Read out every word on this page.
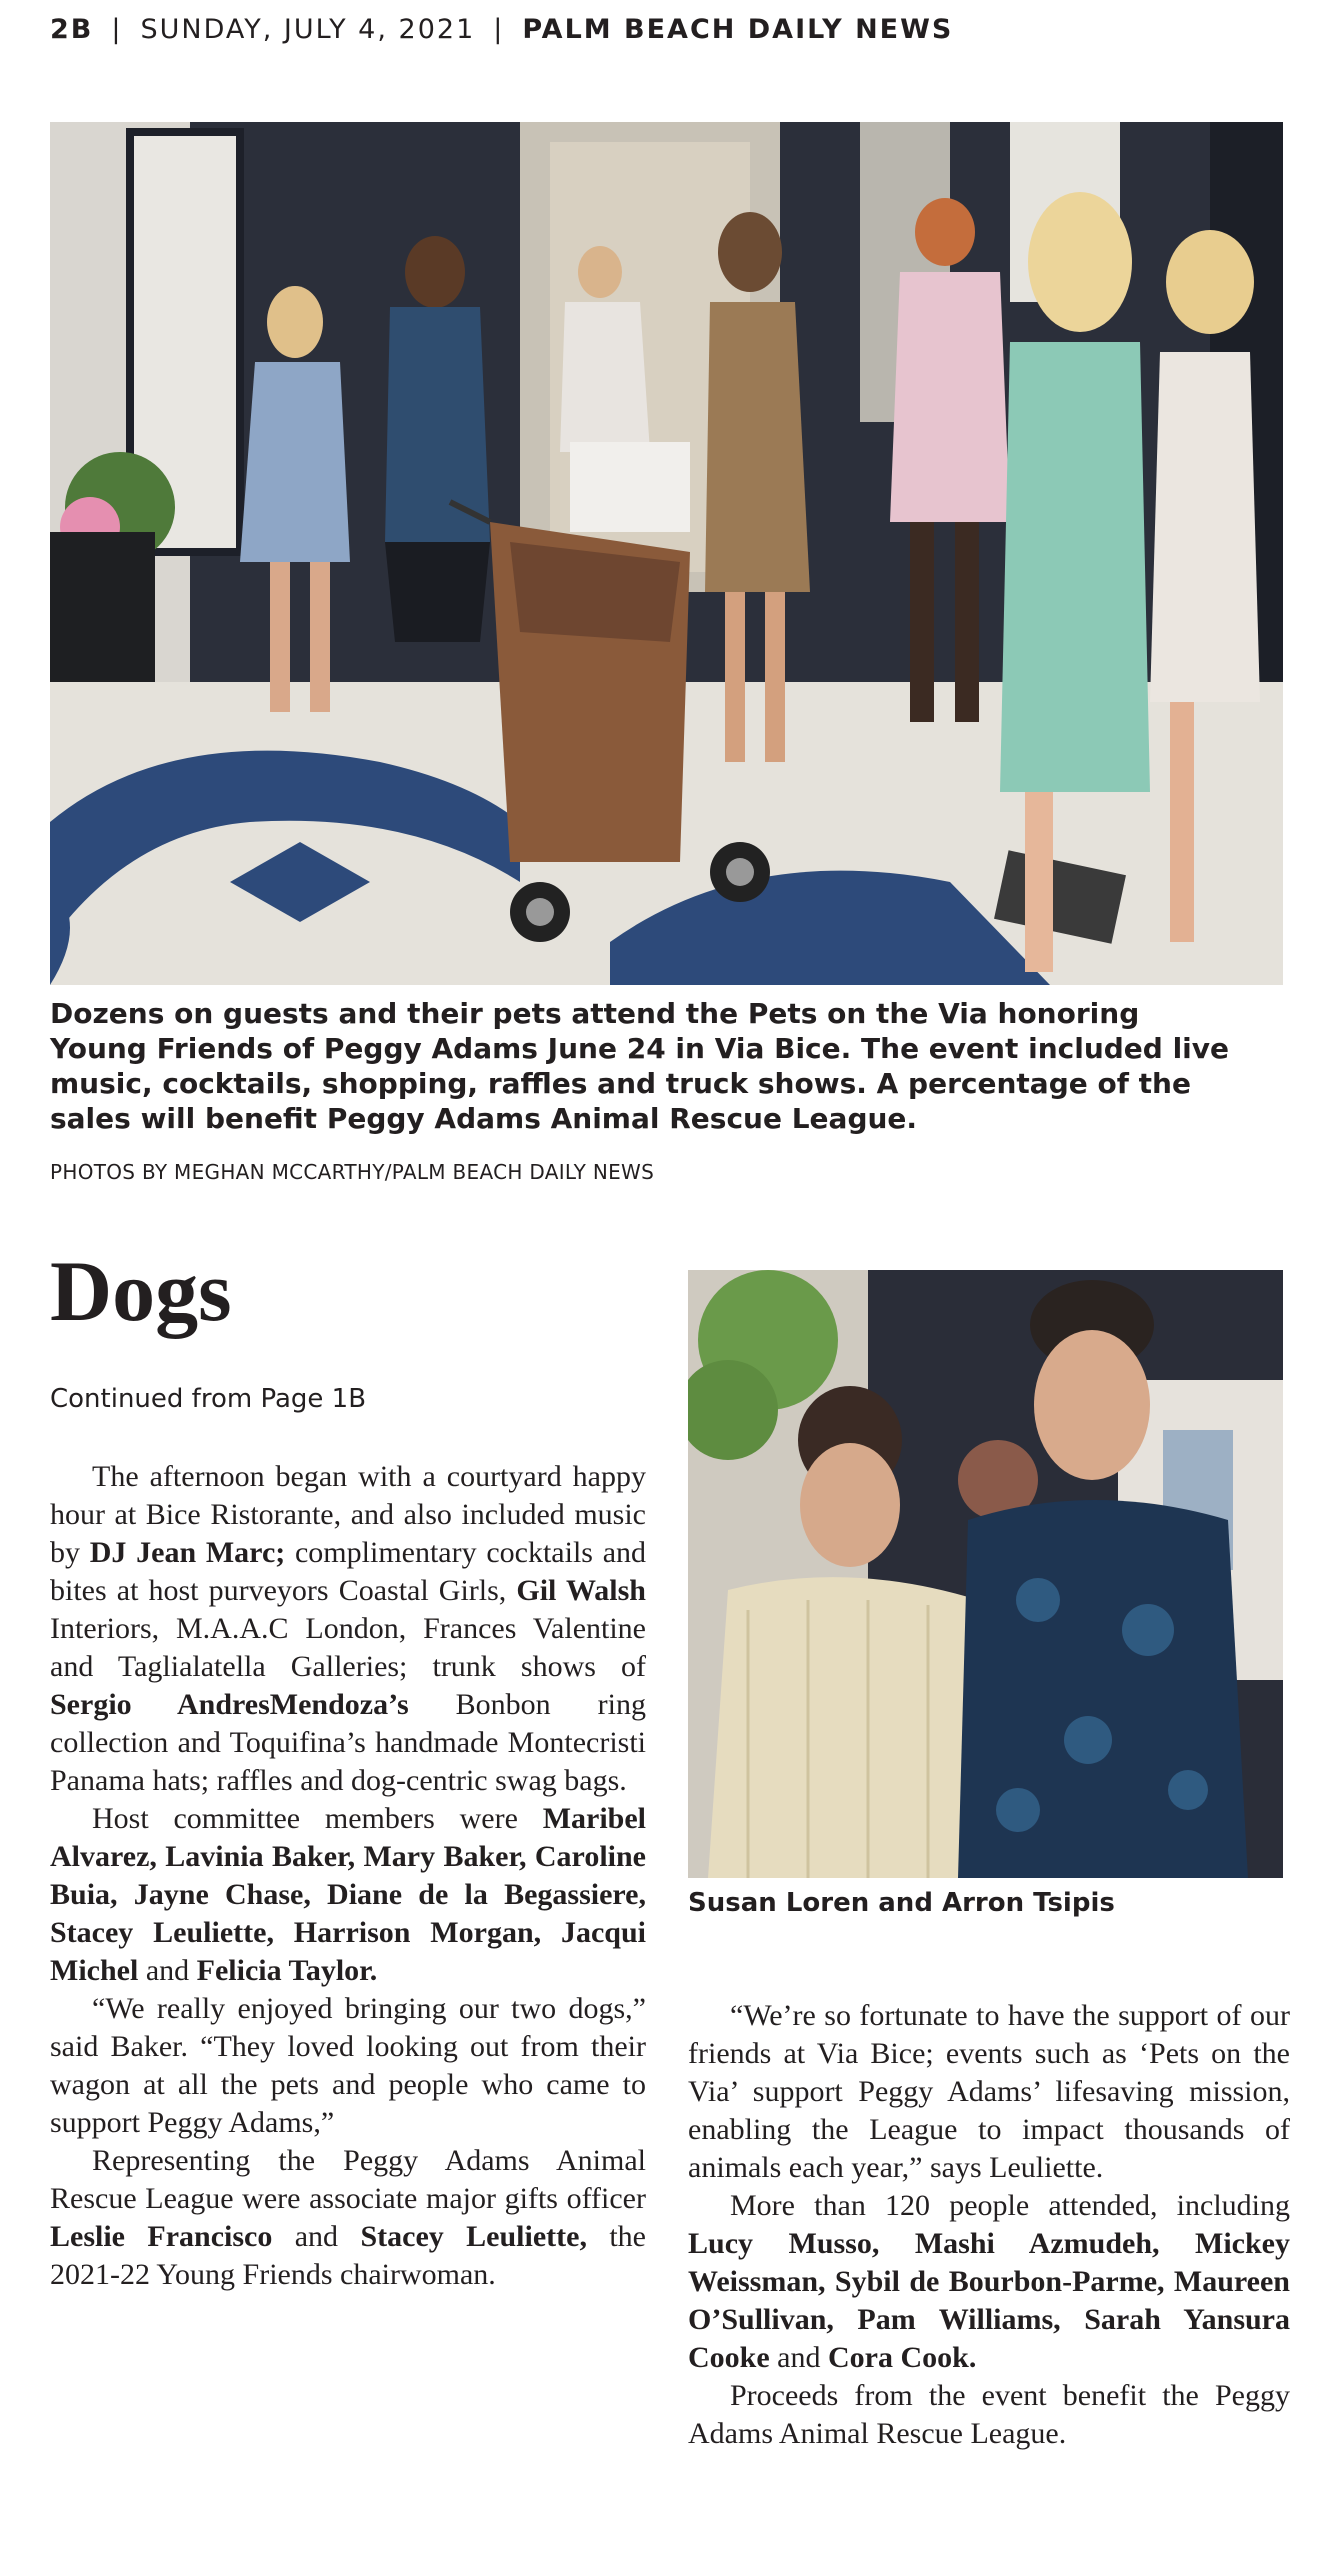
2B | SUNDAY, JULY 4, 2021 | PALM BEACH DAILY NEWS
Dozens on guests and their pets attend the Pets on the Via honoring Young Friends of Peggy Adams June 24 in Via Bice. The event included live music, cocktails, shopping, raffles and truck shows. A percentage of the sales will benefit Peggy Adams Animal Rescue League.
PHOTOS BY MEGHAN MCCARTHY/PALM BEACH DAILY NEWS
Dogs
Continued from Page 1B

The afternoon began with a courtyard happy hour at Bice Ristorante, and also included music by DJ Jean Marc; complimentary cocktails and bites at host purveyors Coastal Girls, Gil Walsh Interiors, M.A.A.C London, Frances Valentine and Taglialatella Galleries; trunk shows of Sergio AndresMendoza’s Bonbon ring collection and Toquifina’s handmade Montecristi Panama hats; raffles and dog-centric swag bags.

Host committee members were Maribel Alvarez, Lavinia Baker, Mary Baker, Caroline Buia, Jayne Chase, Diane de la Begassiere, Stacey Leuliette, Harrison Morgan, Jacqui Michel and Felicia Taylor.

“We really enjoyed bringing our two dogs,” said Baker. “They loved looking out from their wagon at all the pets and people who came to support Peggy Adams,”

Representing the Peggy Adams Animal Rescue League were associate major gifts officer Leslie Francisco and Stacey Leuliette, the 2021-22 Young Friends chairwoman.

Susan Loren and Arron Tsipis

“We’re so fortunate to have the support of our friends at Via Bice; events such as ‘Pets on the Via’ support Peggy Adams’ lifesaving mission, enabling the League to impact thousands of animals each year,” says Leuliette.

More than 120 people attended, including Lucy Musso, Mashi Azmudeh, Mickey Weissman, Sybil de Bourbon-Parme, Maureen O’Sullivan, Pam Williams, Sarah Yansura Cooke and Cora Cook.

Proceeds from the event benefit the Peggy Adams Animal Rescue League.
